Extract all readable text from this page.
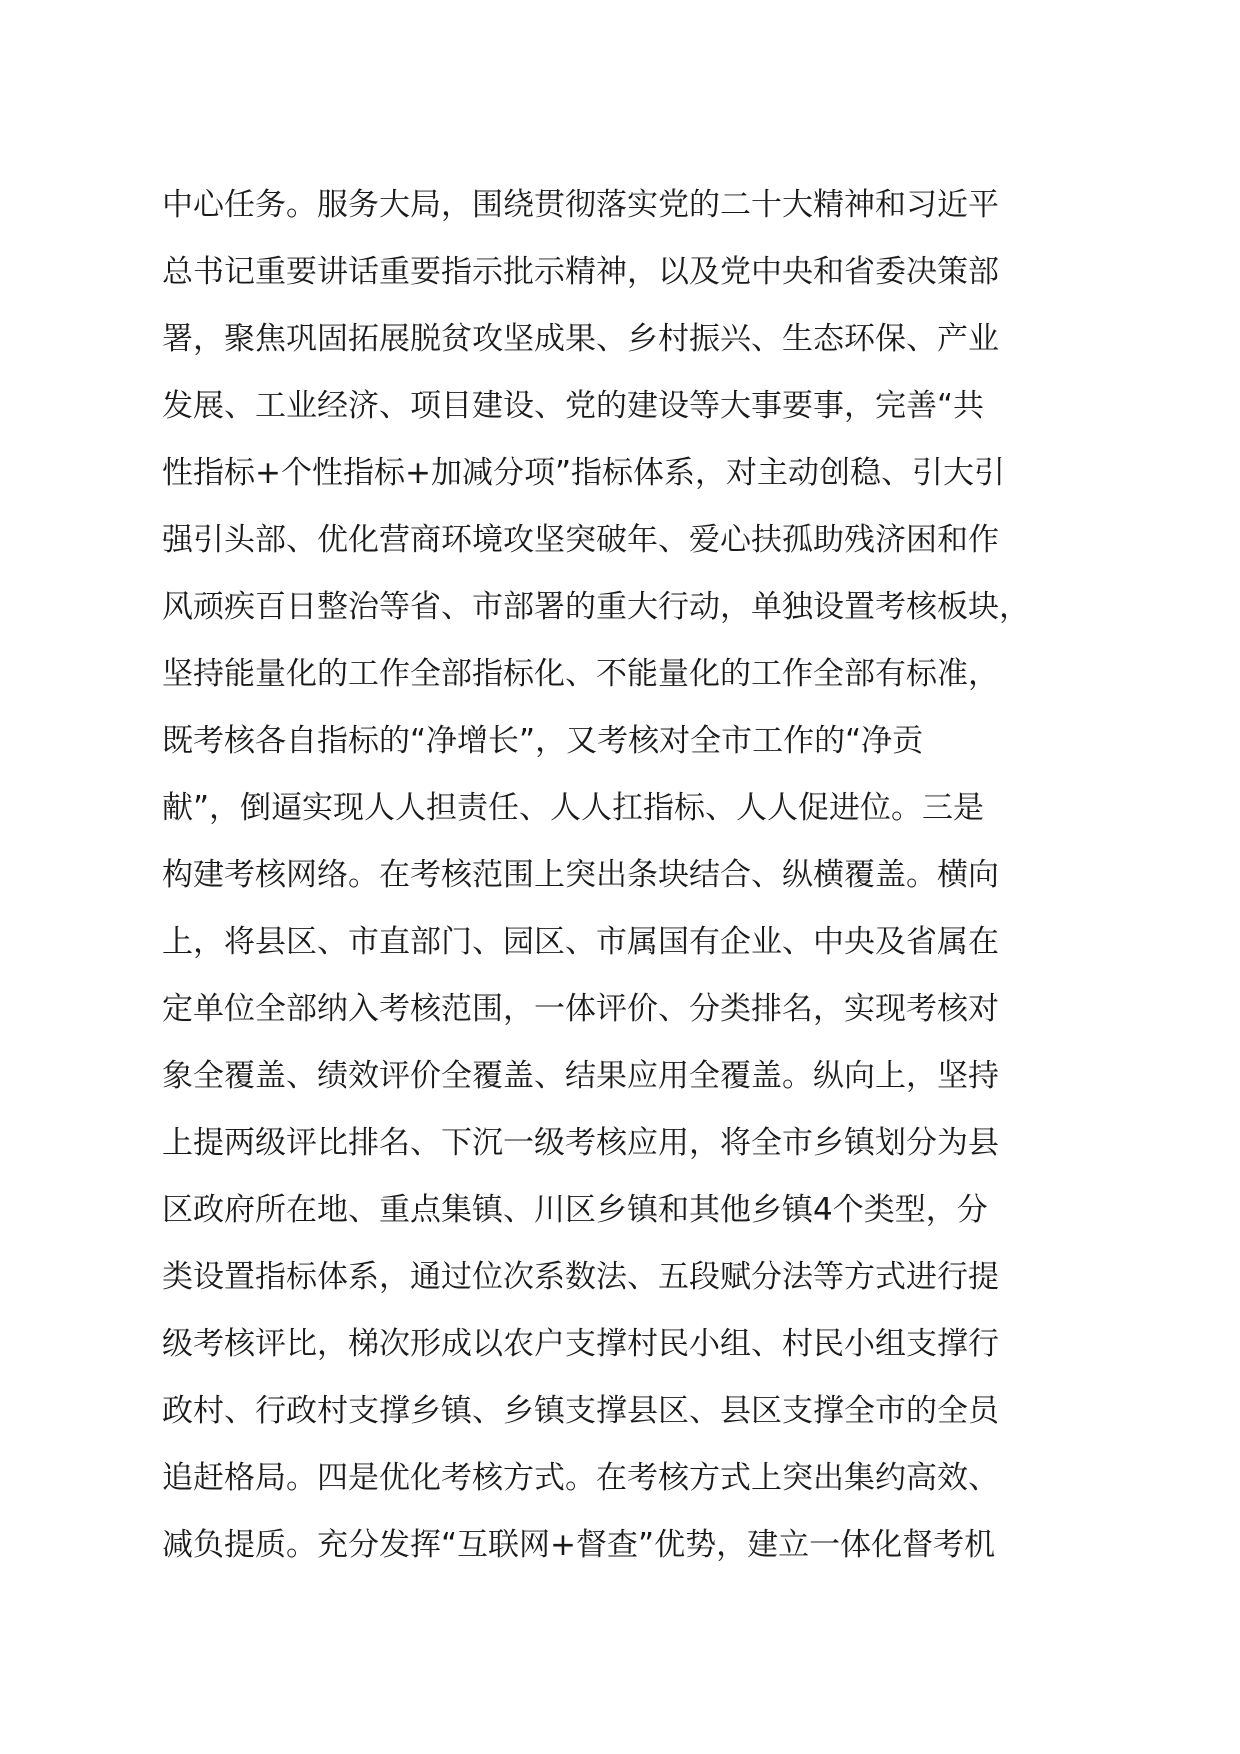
中心任务。服务大局，围绕贯彻落实党的二十大精神和习近平
总书记重要讲话重要指示批示精神，以及党中央和省委决策部
署，聚焦巩固拓展脱贫攻坚成果、乡村振兴、生态环保、产业
发展、工业经济、项目建设、党的建设等大事要事，完善“共
性指标+个性指标+加减分项”指标体系，对主动创稳、引大引
强引头部、优化营商环境攻坚突破年、爱心扶孤助残济困和作
风顽疾百日整治等省、市部署的重大行动，单独设置考核板块，
坚持能量化的工作全部指标化、不能量化的工作全部有标准，
既考核各自指标的“净增长”，又考核对全市工作的“净贡
献”，倒逼实现人人担责任、人人扛指标、人人促进位。三是
构建考核网络。在考核范围上突出条块结合、纵横覆盖。横向
上，将县区、市直部门、园区、市属国有企业、中央及省属在
定单位全部纳入考核范围，一体评价、分类排名，实现考核对
象全覆盖、绩效评价全覆盖、结果应用全覆盖。纵向上，坚持
上提两级评比排名、下沉一级考核应用，将全市乡镇划分为县
区政府所在地、重点集镇、川区乡镇和其他乡镇4个类型，分
类设置指标体系，通过位次系数法、五段赋分法等方式进行提
级考核评比，梯次形成以农户支撑村民小组、村民小组支撑行
政村、行政村支撑乡镇、乡镇支撑县区、县区支撑全市的全员
追赶格局。四是优化考核方式。在考核方式上突出集约高效、
减负提质。充分发挥“互联网+督查”优势，建立一体化督考机
